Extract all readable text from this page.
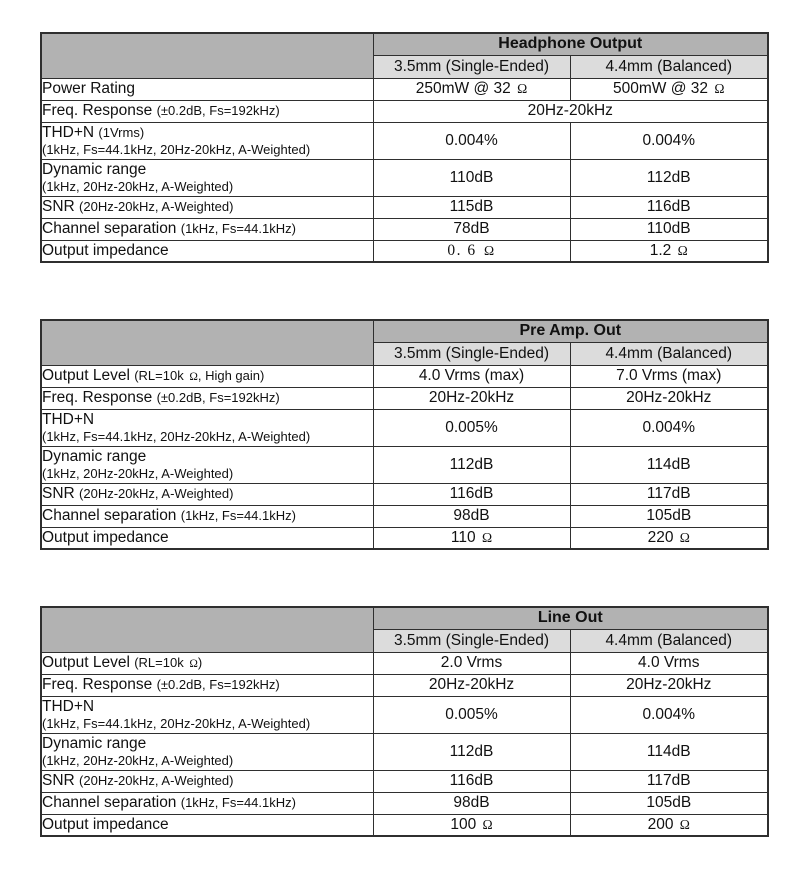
	Headphone Output	
	3.5mm (Single-Ended)	4.4mm (Balanced)
Power Rating	250mW @ 32 Ω	500mW @ 32 Ω
Freq. Response (±0.2dB, Fs=192kHz)	20Hz-20kHz	
THD+N (1Vrms)
(1kHz, Fs=44.1kHz, 20Hz-20kHz, A-Weighted)	0.004%	0.004%
Dynamic range
(1kHz, 20Hz-20kHz, A-Weighted)	110dB	112dB
SNR (20Hz-20kHz, A-Weighted)	115dB	116dB
Channel separation (1kHz, Fs=44.1kHz)	78dB	110dB
Output impedance	0. 6 Ω	1.2 Ω
	Pre Amp. Out	
	3.5mm (Single-Ended)	4.4mm (Balanced)
Output Level (RL=10k Ω, High gain)	4.0 Vrms (max)	7.0 Vrms (max)
Freq. Response (±0.2dB, Fs=192kHz)	20Hz-20kHz	20Hz-20kHz
THD+N
(1kHz, Fs=44.1kHz, 20Hz-20kHz, A-Weighted)	0.005%	0.004%
Dynamic range
(1kHz, 20Hz-20kHz, A-Weighted)	112dB	114dB
SNR (20Hz-20kHz, A-Weighted)	116dB	117dB
Channel separation (1kHz, Fs=44.1kHz)	98dB	105dB
Output impedance	110 Ω	220 Ω
	Line Out	
	3.5mm (Single-Ended)	4.4mm (Balanced)
Output Level (RL=10k Ω)	2.0 Vrms	4.0 Vrms
Freq. Response (±0.2dB, Fs=192kHz)	20Hz-20kHz	20Hz-20kHz
THD+N
(1kHz, Fs=44.1kHz, 20Hz-20kHz, A-Weighted)	0.005%	0.004%
Dynamic range
(1kHz, 20Hz-20kHz, A-Weighted)	112dB	114dB
SNR (20Hz-20kHz, A-Weighted)	116dB	117dB
Channel separation (1kHz, Fs=44.1kHz)	98dB	105dB
Output impedance	100 Ω	200 Ω
